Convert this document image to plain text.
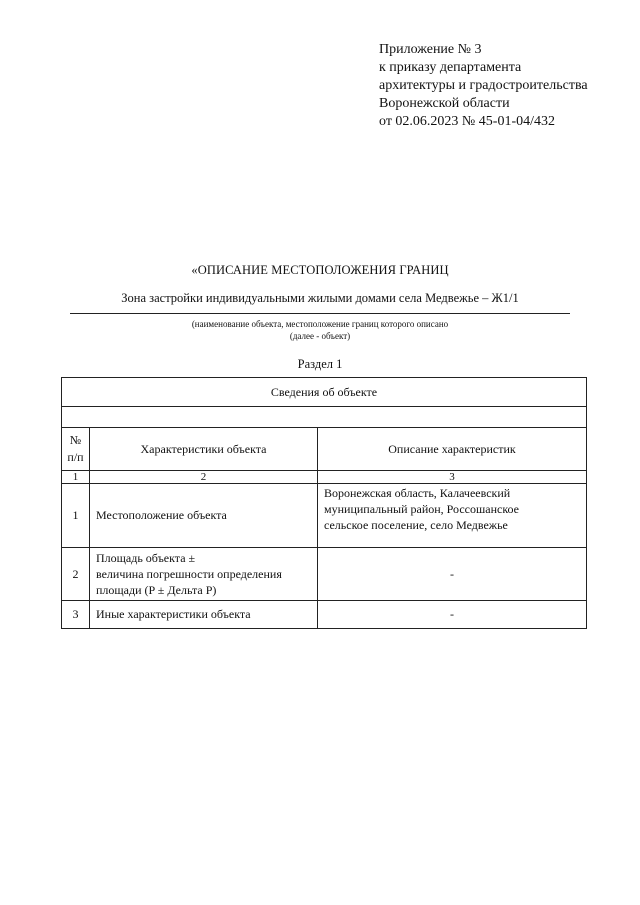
Приложение № 3
к приказу департамента
архитектуры и градостроительства
Воронежской области
от 02.06.2023 № 45-01-04/432
«ОПИСАНИЕ МЕСТОПОЛОЖЕНИЯ ГРАНИЦ
Зона застройки индивидуальными жилыми домами села Медвежье – Ж1/1
(наименование объекта, местоположение границ которого описано
(далее - объект)
Раздел 1
Сведения об объекте		

№
п/п	Характеристики объекта	Описание характеристик
1	2	3
1	Местоположение объекта	Воронежская область, Калачеевский
муниципальный район, Россошанское
сельское поселение, село Медвежье

2	Площадь объекта ±
величина погрешности определения
площади (P ± Дельта P)	-
3	Иные характеристики объекта	-
